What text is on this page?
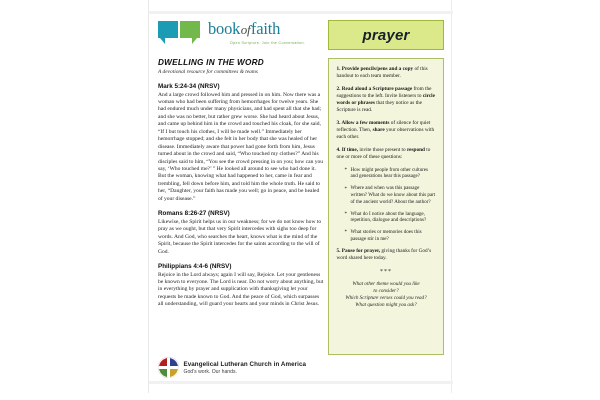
bookoffaith
Open Scripture. Join the Conversation.	prayer
DWELLING IN THE WORD
A devotional resource for committees & teams
Mark 5:24-34 (NRSV)
And a large crowd followed him and pressed in on him. Now there was a woman who had been suffering from hemorrhages for twelve years. She had endured much under many physicians, and had spent all that she had; and she was no better, but rather grew worse. She had heard about Jesus, and came up behind him in the crowd and touched his cloak, for she said, “If I but touch his clothes, I will be made well.” Immediately her hemorrhage stopped; and she felt in her body that she was healed of her disease. Immediately aware that power had gone forth from him, Jesus turned about in the crowd and said, “Who touched my clothes?” And his disciples said to him, “You see the crowd pressing in on you; how can you say, ‘Who touched me?’ ” He looked all around to see who had done it. But the woman, knowing what had happened to her, came in fear and trembling, fell down before him, and told him the whole truth. He said to her, “Daughter, your faith has made you well; go in peace, and be healed of your disease.”
Romans 8:26-27 (NRSV)
Likewise, the Spirit helps us in our weakness; for we do not know how to pray as we ought, but that very Spirit intercedes with sighs too deep for words. And God, who searches the heart, knows what is the mind of the Spirit, because the Spirit intercedes for the saints according to the will of God.
Philippians 4:4-6 (NRSV)
Rejoice in the Lord always; again I will say, Rejoice. Let your gentleness be known to everyone. The Lord is near. Do not worry about anything, but in everything by prayer and supplication with thanksgiving let your requests be made known to God. And the peace of God, which surpasses all understanding, will guard your hearts and your minds in Christ Jesus.
1. Provide pencils/pens and a copy of this handout to each team member.
2. Read aloud a Scripture passage from the suggestions to the left. Invite listeners to circle words or phrases that they notice as the Scripture is read.
3. Allow a few moments of silence for quiet reflection. Then, share your observations with each other.
4. If time, invite those present to respond to one or more of these questions:
* How might people from other cultures and generations hear this passage?
* Where and when was this passage written? What do we know about this part of the ancient world? About the author?
* What do I notice about the language, repetition, dialogue and descriptions?
* What stories or memories does this passage stir in me?
5. Pause for prayer, giving thanks for God’s word shared here today.
***
What other theme would you like
to consider?
Which Scripture verses could you read?
What question might you ask?
Evangelical Lutheran Church in America
God’s work. Our hands.
